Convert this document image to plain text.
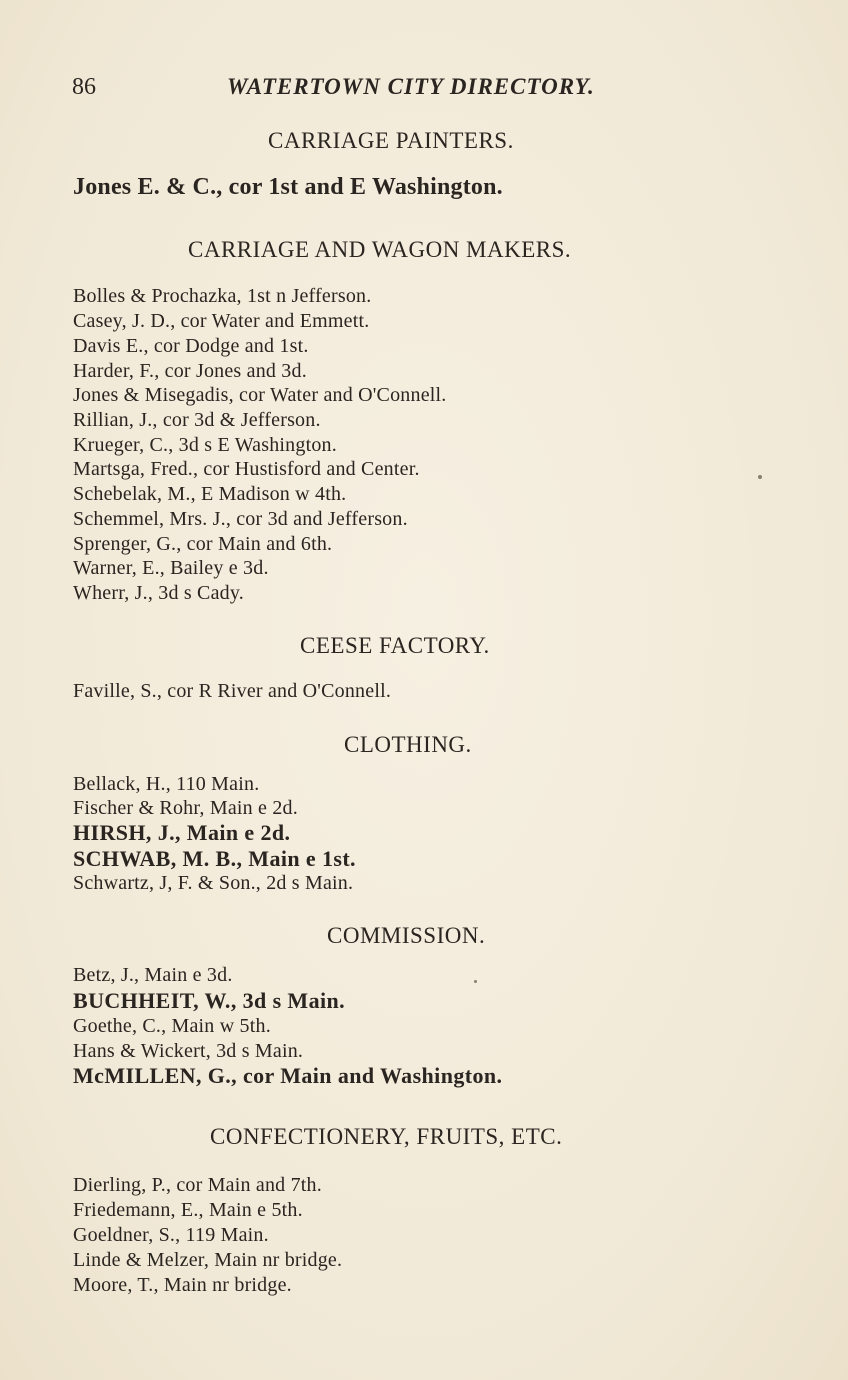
86	WATERTOWN CITY DIRECTORY.
CARRIAGE PAINTERS.
Jones E. & C., cor 1st and E Washington.
CARRIAGE AND WAGON MAKERS.
Bolles & Prochazka, 1st n Jefferson.
Casey, J. D., cor Water and Emmett.
Davis E., cor Dodge and 1st.
Harder, F., cor Jones and 3d.
Jones & Misegadis, cor Water and O'Connell.
Rillian, J., cor 3d & Jefferson.
Krueger, C., 3d s E Washington.
Martsga, Fred., cor Hustisford and Center.
Schebelak, M., E Madison w 4th.
Schemmel, Mrs. J., cor 3d and Jefferson.
Sprenger, G., cor Main and 6th.
Warner, E., Bailey e 3d.
Wherr, J., 3d s Cady.
CEESE FACTORY.
Faville, S., cor R River and O'Connell.
CLOTHING.
Bellack, H., 110 Main.
Fischer & Rohr, Main e 2d.
HIRSH, J., Main e 2d.
SCHWAB, M. B., Main e 1st.
Schwartz, J, F. & Son., 2d s Main.
COMMISSION.
Betz, J., Main e 3d.
BUCHHEIT, W., 3d s Main.
Goethe, C., Main w 5th.
Hans & Wickert, 3d s Main.
McMILLEN, G., cor Main and Washington.
CONFECTIONERY, FRUITS, ETC.
Dierling, P., cor Main and 7th.
Friedemann, E., Main e 5th.
Goeldner, S., 119 Main.
Linde & Melzer, Main nr bridge.
Moore, T., Main nr bridge.
